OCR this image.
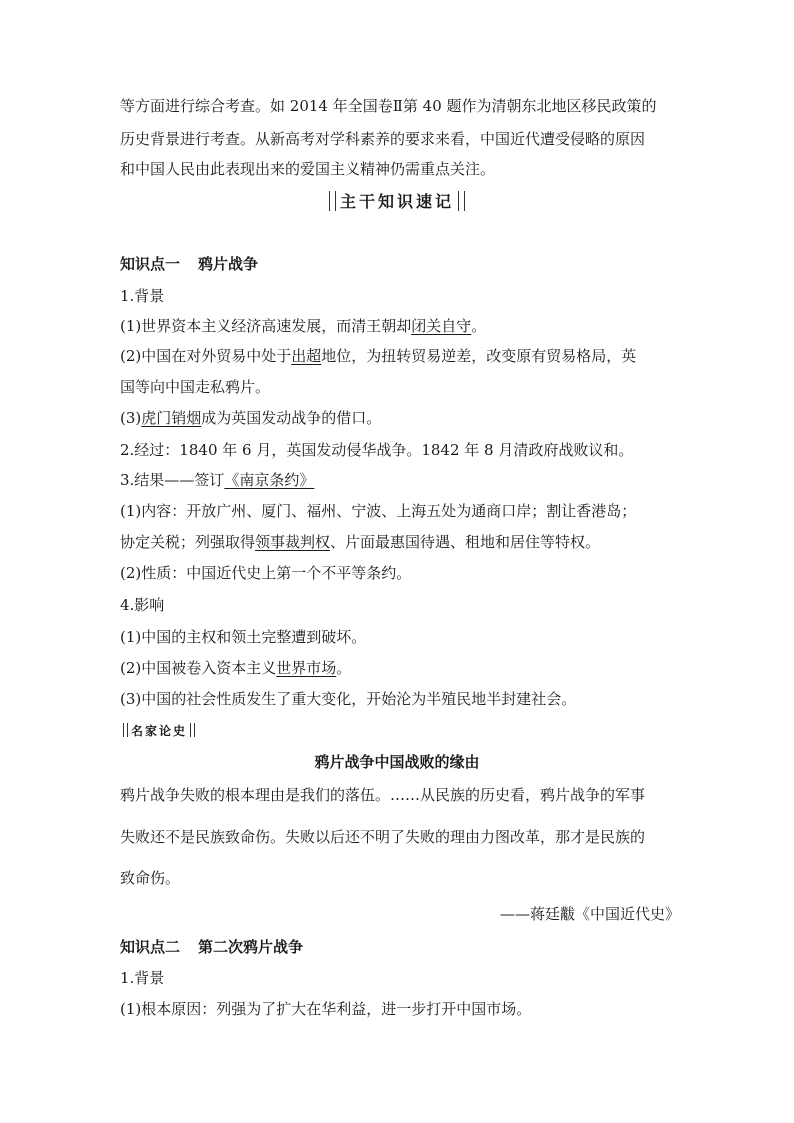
等方面进行综合考查。如 2014 年全国卷Ⅱ第 40 题作为清朝东北地区移民政策的
历史背景进行考查。从新高考对学科素养的要求来看，中国近代遭受侵略的原因
和中国人民由此表现出来的爱国主义精神仍需重点关注。
主干知识速记
知识点一 鸦片战争
1.背景
(1)世界资本主义经济高速发展，而清王朝却闭关自守。
(2)中国在对外贸易中处于出超地位，为扭转贸易逆差，改变原有贸易格局，英
国等向中国走私鸦片。
(3)虎门销烟成为英国发动战争的借口。
2.经过：1840 年 6 月，英国发动侵华战争。1842 年 8 月清政府战败议和。
3.结果——签订《南京条约》
(1)内容：开放广州、厦门、福州、宁波、上海五处为通商口岸；割让香港岛；
协定关税；列强取得领事裁判权、片面最惠国待遇、租地和居住等特权。
(2)性质：中国近代史上第一个不平等条约。
4.影响
(1)中国的主权和领土完整遭到破坏。
(2)中国被卷入资本主义世界市场。
(3)中国的社会性质发生了重大变化，开始沦为半殖民地半封建社会。
名家论史
鸦片战争中国战败的缘由
鸦片战争失败的根本理由是我们的落伍。……从民族的历史看，鸦片战争的军事
失败还不是民族致命伤。失败以后还不明了失败的理由力图改革，那才是民族的
致命伤。
——蒋廷黻《中国近代史》
知识点二 第二次鸦片战争
1.背景
(1)根本原因：列强为了扩大在华利益，进一步打开中国市场。
